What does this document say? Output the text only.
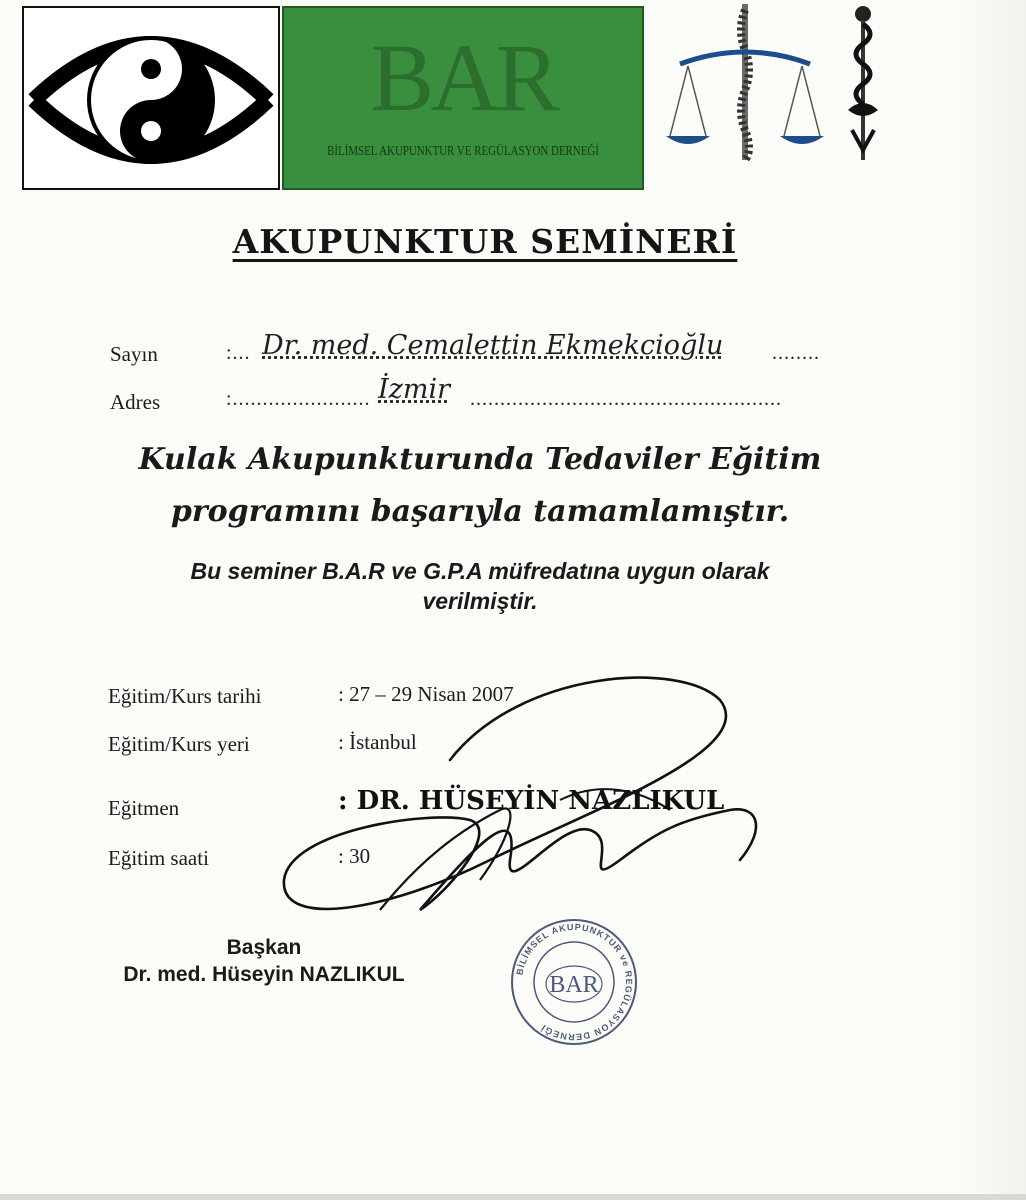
BAR
BİLİMSEL AKUPUNKTUR VE REGÜLASYON DERNEĞİ
AKUPUNKTUR SEMİNERİ
Sayın	:... Dr. med. Cemalettin Ekmekcioğlu ........
Adres	:....................... İzmir ....................................................
Kulak Akupunkturunda Tedaviler Eğitim
programını başarıyla tamamlamıştır.
Bu seminer B.A.R ve G.P.A müfredatına uygun olarak
verilmiştir.
Eğitim/Kurs tarihi	: 27 – 29 Nisan 2007
Eğitim/Kurs yeri	: İstanbul
Eğitmen	: DR. HÜSEYİN NAZLIKUL
Eğitim saati	: 30
Başkan
Dr. med. Hüseyin NAZLIKUL	BİLİMSEL AKUPUNKTUR ve REGÜLASYON DERNEĞİ
BAR
